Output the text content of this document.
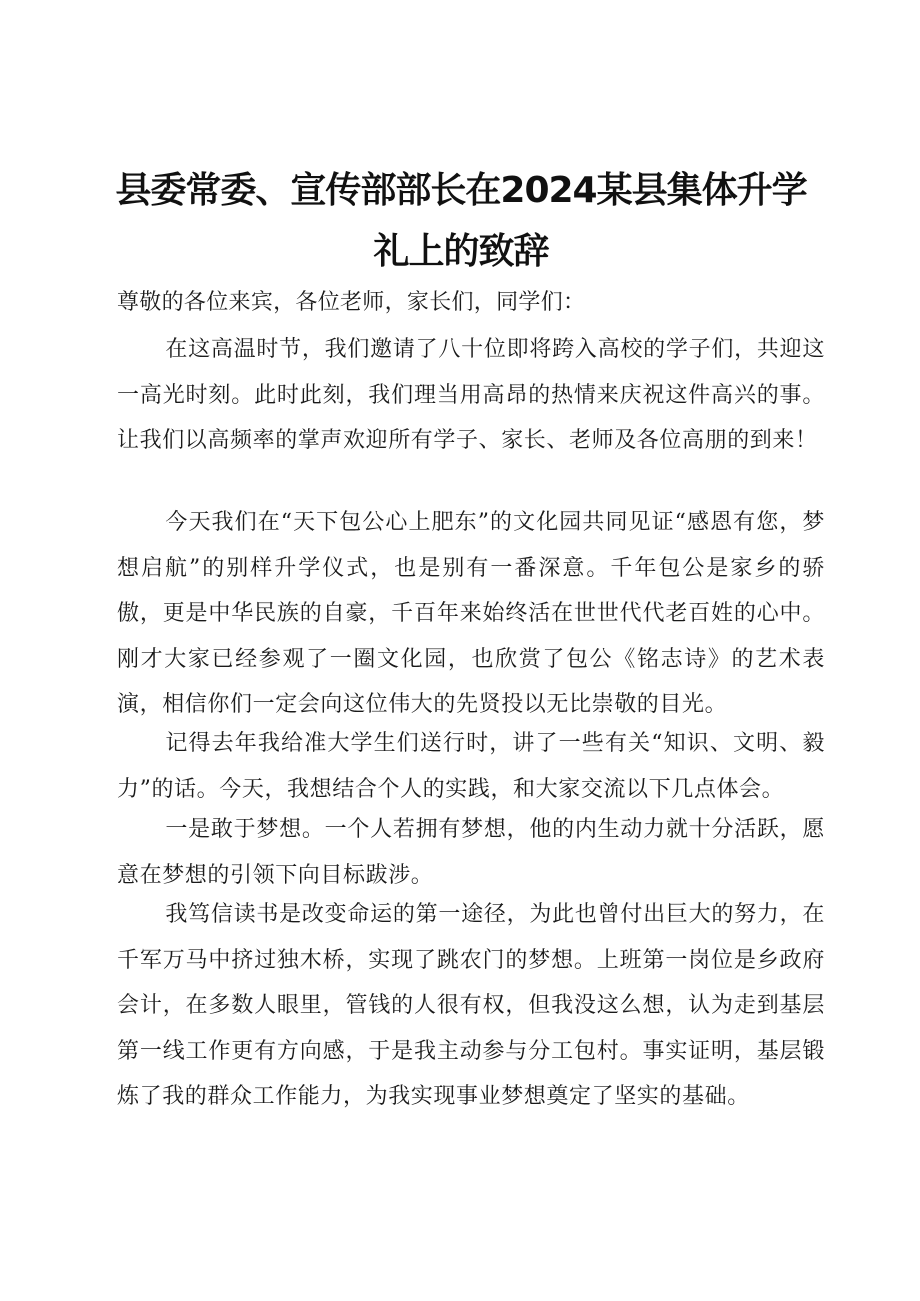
县委常委、宣传部部长在2024某县集体升学
礼上的致辞

尊敬的各位来宾，各位老师，家长们，同学们：

在这高温时节，我们邀请了八十位即将跨入高校的学子们，共迎这一高光时刻。此时此刻，我们理当用高昂的热情来庆祝这件高兴的事。让我们以高频率的掌声欢迎所有学子、家长、老师及各位高朋的到来！

今天我们在“天下包公心上肥东”的文化园共同见证“感恩有您，梦想启航”的别样升学仪式，也是别有一番深意。千年包公是家乡的骄傲，更是中华民族的自豪，千百年来始终活在世世代代老百姓的心中。刚才大家已经参观了一圈文化园，也欣赏了包公《铭志诗》的艺术表演，相信你们一定会向这位伟大的先贤投以无比崇敬的目光。

记得去年我给准大学生们送行时，讲了一些有关“知识、文明、毅力”的话。今天，我想结合个人的实践，和大家交流以下几点体会。

一是敢于梦想。一个人若拥有梦想，他的内生动力就十分活跃，愿意在梦想的引领下向目标跋涉。

我笃信读书是改变命运的第一途径，为此也曾付出巨大的努力，在千军万马中挤过独木桥，实现了跳农门的梦想。上班第一岗位是乡政府会计，在多数人眼里，管钱的人很有权，但我没这么想，认为走到基层第一线工作更有方向感，于是我主动参与分工包村。事实证明，基层锻炼了我的群众工作能力，为我实现事业梦想奠定了坚实的基础。
